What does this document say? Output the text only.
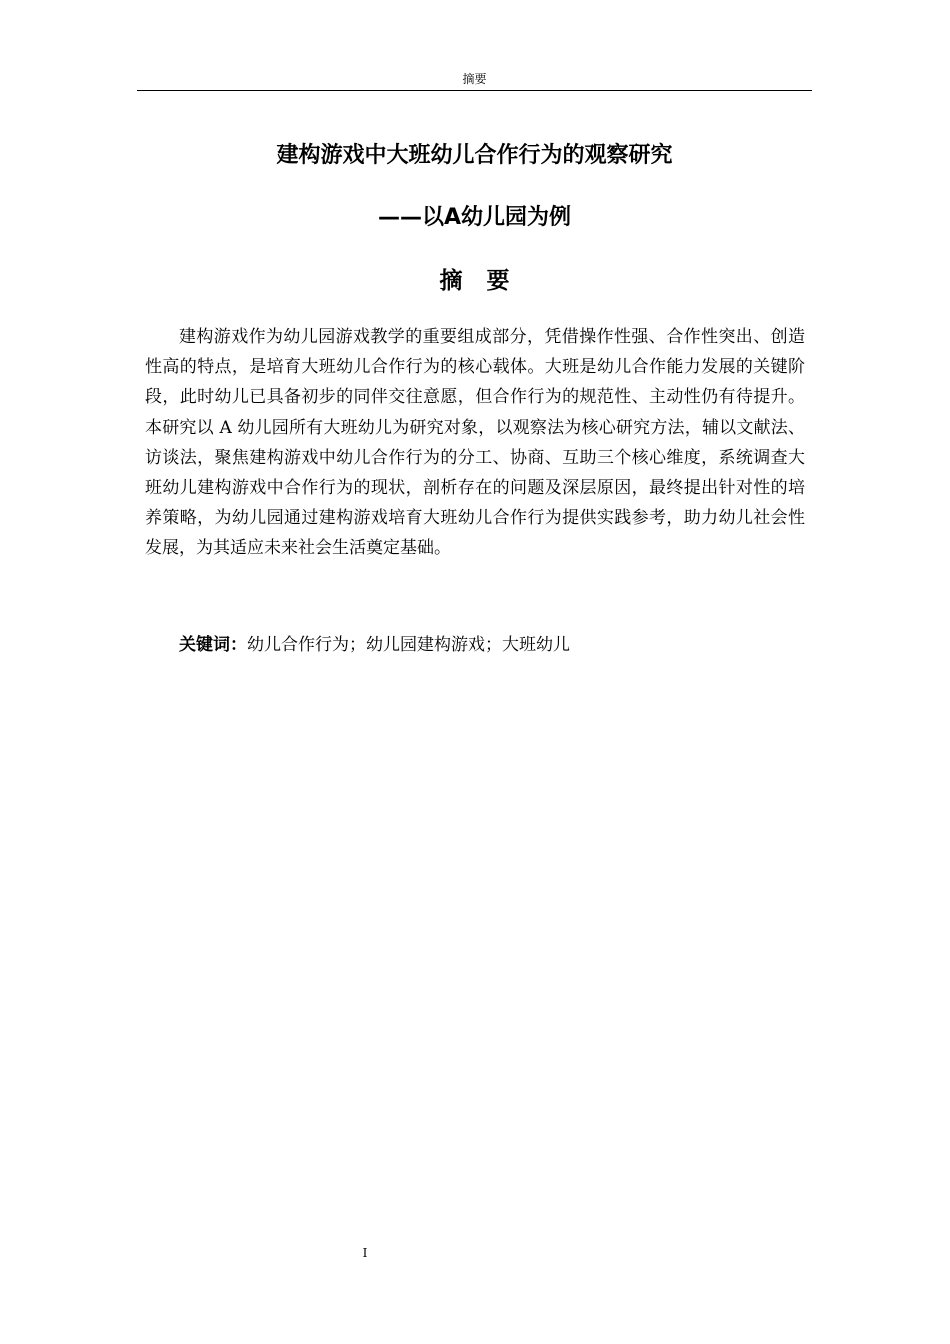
摘要
建构游戏中大班幼儿合作行为的观察研究
——以A幼儿园为例
摘要

建构游戏作为幼儿园游戏教学的重要组成部分，凭借操作性强、合作性突出、创造性高的特点，是培育大班幼儿合作行为的核心载体。大班是幼儿合作能力发展的关键阶段，此时幼儿已具备初步的同伴交往意愿，但合作行为的规范性、主动性仍有待提升。本研究以 A 幼儿园所有大班幼儿为研究对象，以观察法为核心研究方法，辅以文献法、访谈法，聚焦建构游戏中幼儿合作行为的分工、协商、互助三个核心维度，系统调查大班幼儿建构游戏中合作行为的现状，剖析存在的问题及深层原因，最终提出针对性的培养策略，为幼儿园通过建构游戏培育大班幼儿合作行为提供实践参考，助力幼儿社会性发展，为其适应未来社会生活奠定基础。

关键词：幼儿合作行为；幼儿园建构游戏；大班幼儿

I
